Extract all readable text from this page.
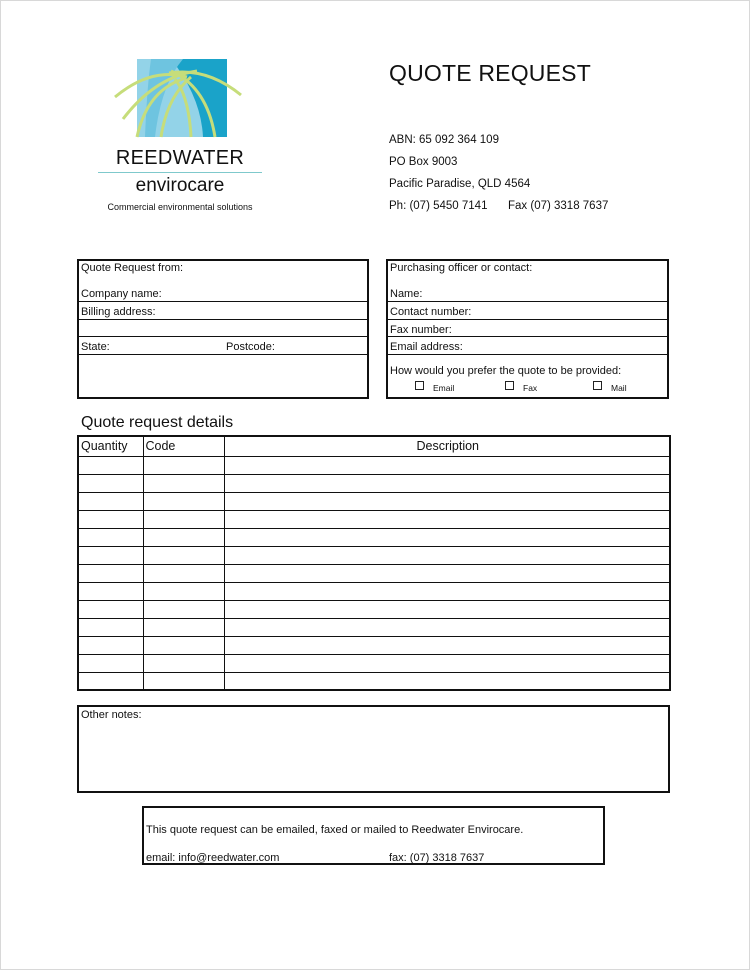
REEDWATER
envirocare
Commercial environmental solutions
QUOTE REQUEST
ABN: 65 092 364 109
PO Box 9003
Pacific Paradise, QLD 4564
Ph: (07) 5450 7141 Fax (07) 3318 7637
Quote Request from:
Company name:
Billing address:
State:	Postcode:
Purchasing officer or contact:
Name:
Contact number:
Fax number:
Email address:
How would you prefer the quote to be provided:
Email	Fax	Mail
Quote request details
Quantity	Code	Description

Other notes:
This quote request can be emailed, faxed or mailed to Reedwater Envirocare.
email: info@reedwater.com	fax: (07) 3318 7637
